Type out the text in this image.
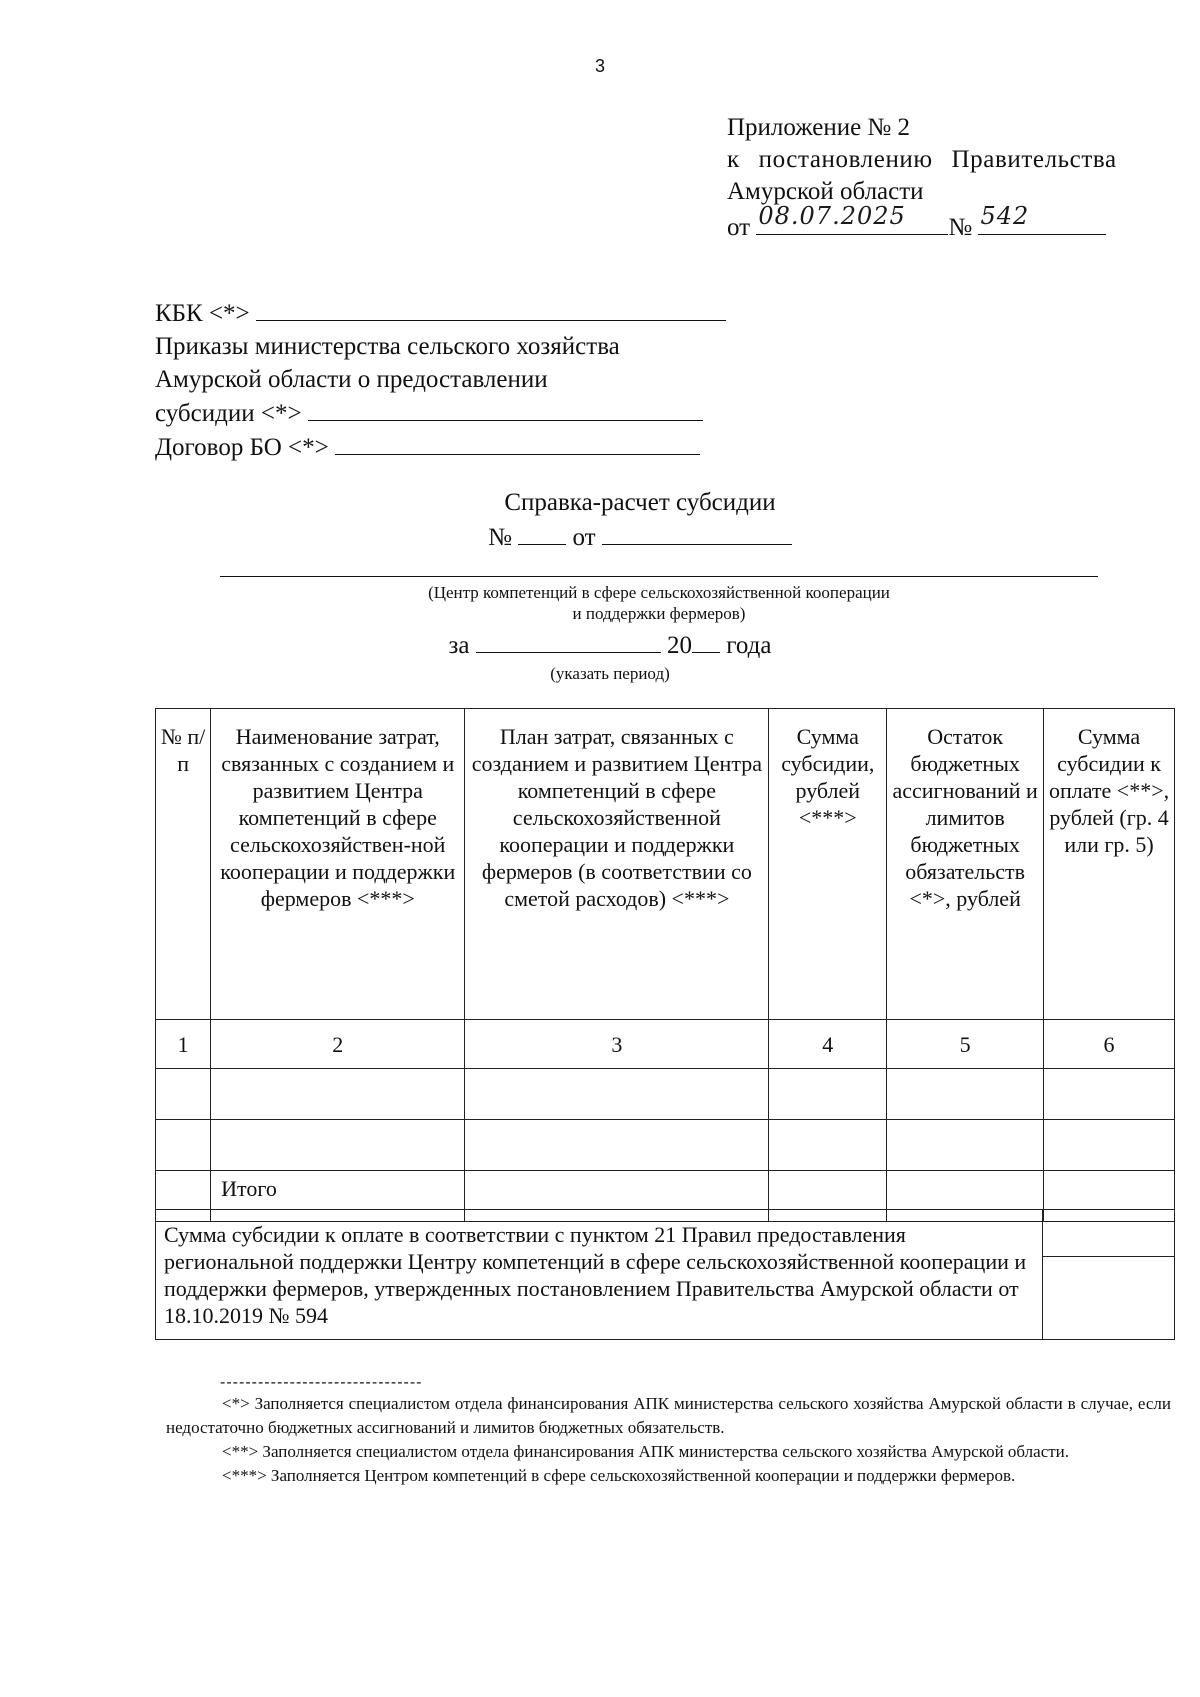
3
Приложение № 2
к постановлению Правительства
Амурской области
от 08.07.2025 № 542
КБК <*>
Приказы министерства сельского хозяйства
Амурской области о предоставлении
субсидии <*>
Договор БО <*>
Справка-расчет субсидии
№ от
(Центр компетенций в сфере сельскохозяйственной кооперации
и поддержки фермеров)
за	20 года
(указать период)
№ п/п	Наименование затрат, связанных с созданием и развитием Центра компетенций в сфере сельскохозяйствен-ной кооперации и поддержки фермеров <***>	План затрат, связанных с созданием и развитием Центра компетенций в сфере сельскохозяйственной кооперации и поддержки фермеров (в соответствии со сметой расходов) <***>	Сумма субсидии, рублей <***>	Остаток бюджетных ассигнований и лимитов бюджетных обязательств <*>, рублей	Сумма субсидии к оплате <**>, рублей (гр. 4 или гр. 5)
1	2	3	4	5	6

	Итого				
Сумма субсидии к оплате в соответствии с пунктом 21 Правил предоставления региональной поддержки Центру компетенций в сфере сельскохозяйственной кооперации и поддержки фермеров, утвержденных постановлением Правительства Амурской области от 18.10.2019 № 594	

--------------------------------

<*> Заполняется специалистом отдела финансирования АПК министерства сельского хозяйства Амурской области в случае, если недостаточно бюджетных ассигнований и лимитов бюджетных обязательств.

<**> Заполняется специалистом отдела финансирования АПК министерства сельского хозяйства Амурской области.

<***> Заполняется Центром компетенций в сфере сельскохозяйственной кооперации и поддержки фермеров.
